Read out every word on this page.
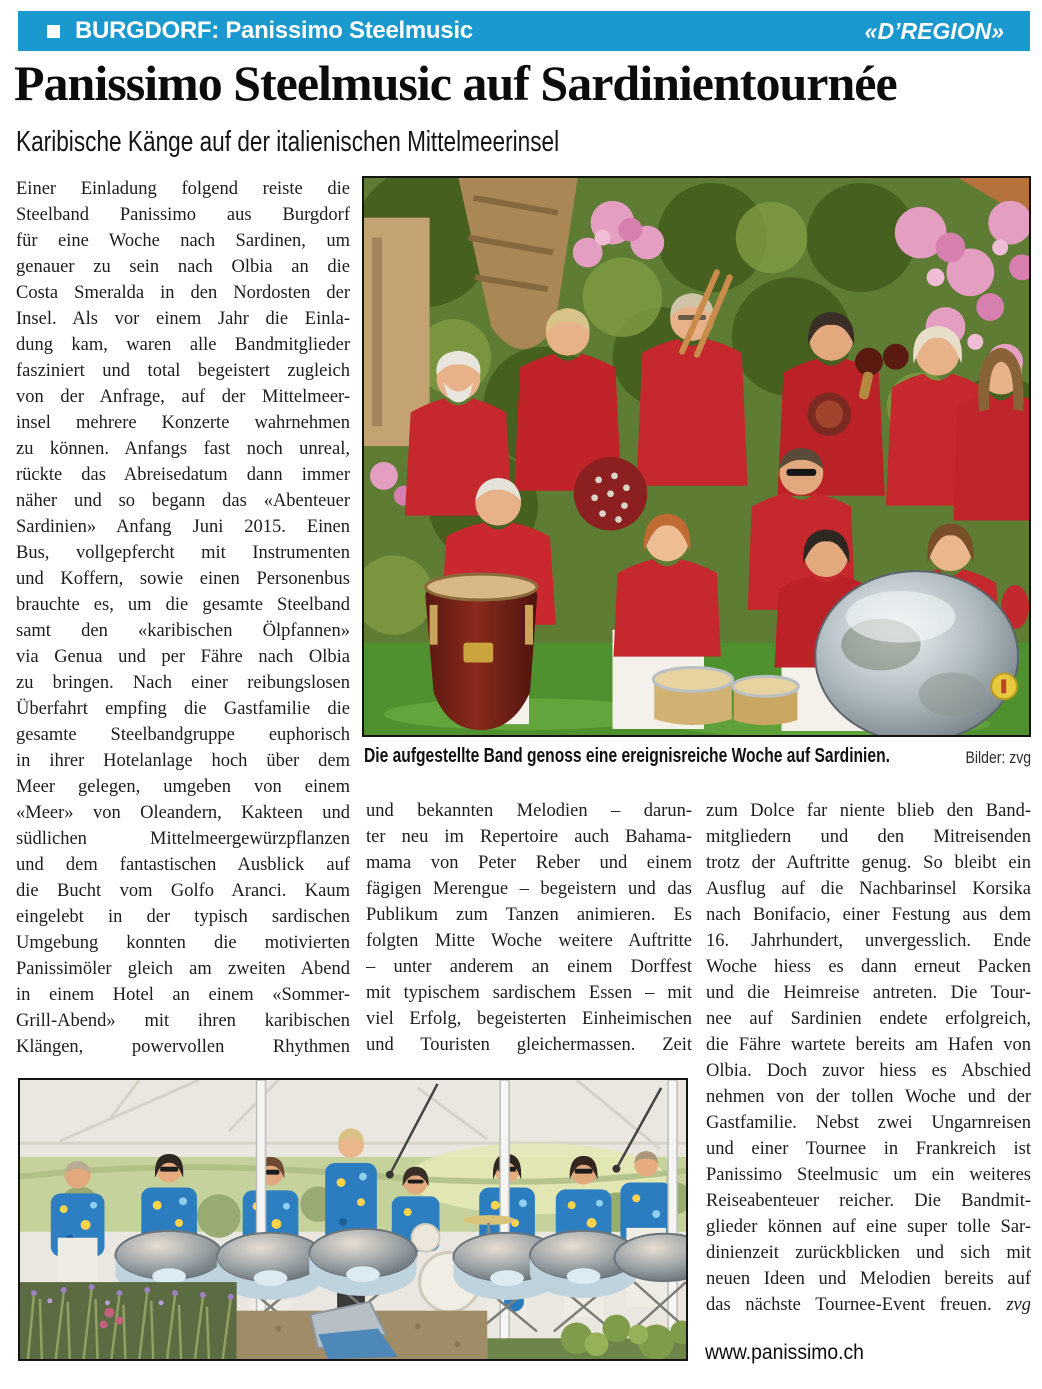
BURGDORF: Panissimo Steelmusic	«D’REGION»
Panissimo Steelmusic auf Sardinientournée
Karibische Känge auf der italienischen Mittelmeerinsel
Einer Einladung folgend reiste die
Steelband Panissimo aus Burgdorf
für eine Woche nach Sardinen, um
genauer zu sein nach Olbia an die
Costa Smeralda in den Nordosten der
Insel. Als vor einem Jahr die Einla-
dung kam, waren alle Bandmitglieder
fasziniert und total begeistert zugleich
von der Anfrage, auf der Mittelmeer-
insel mehrere Konzerte wahrnehmen
zu können. Anfangs fast noch unreal,
rückte das Abreisedatum dann immer
näher und so begann das «Abenteuer
Sardinien» Anfang Juni 2015. Einen
Bus, vollgepfercht mit Instrumenten
und Koffern, sowie einen Personenbus
brauchte es, um die gesamte Steelband
samt den «karibischen Ölpfannen»
via Genua und per Fähre nach Olbia
zu bringen. Nach einer reibungslosen
Überfahrt empfing die Gastfamilie die
gesamte Steelbandgruppe euphorisch
in ihrer Hotelanlage hoch über dem
Meer gelegen, umgeben von einem
«Meer» von Oleandern, Kakteen und
südlichen Mittelmeergewürzpflanzen
und dem fantastischen Ausblick auf
die Bucht vom Golfo Aranci. Kaum
eingelebt in der typisch sardischen
Umgebung konnten die motivierten
Panissimöler gleich am zweiten Abend
in einem Hotel an einem «Sommer-
Grill-Abend» mit ihren karibischen
Klängen, powervollen Rhythmen
Die aufgestellte Band genoss eine ereignisreiche Woche auf Sardinien.	Bilder: zvg
und bekannten Melodien – darun-
ter neu im Repertoire auch Bahama-
mama von Peter Reber und einem
fägigen Merengue – begeistern und das
Publikum zum Tanzen animieren. Es
folgten Mitte Woche weitere Auftritte
– unter anderem an einem Dorffest
mit typischem sardischem Essen – mit
viel Erfolg, begeisterten Einheimischen
und Touristen gleichermassen. Zeit
zum Dolce far niente blieb den Band-
mitgliedern und den Mitreisenden
trotz der Auftritte genug. So bleibt ein
Ausflug auf die Nachbarinsel Korsika
nach Bonifacio, einer Festung aus dem
16. Jahrhundert, unvergesslich. Ende
Woche hiess es dann erneut Packen
und die Heimreise antreten. Die Tour-
nee auf Sardinien endete erfolgreich,
die Fähre wartete bereits am Hafen von
Olbia. Doch zuvor hiess es Abschied
nehmen von der tollen Woche und der
Gastfamilie. Nebst zwei Ungarnreisen
und einer Tournee in Frankreich ist
Panissimo Steelmusic um ein weiteres
Reiseabenteuer reicher. Die Bandmit-
glieder können auf eine super tolle Sar-
dinienzeit zurückblicken und sich mit
neuen Ideen und Melodien bereits auf
das nächste Tournee-Event freuen. zvg
www.panissimo.ch
